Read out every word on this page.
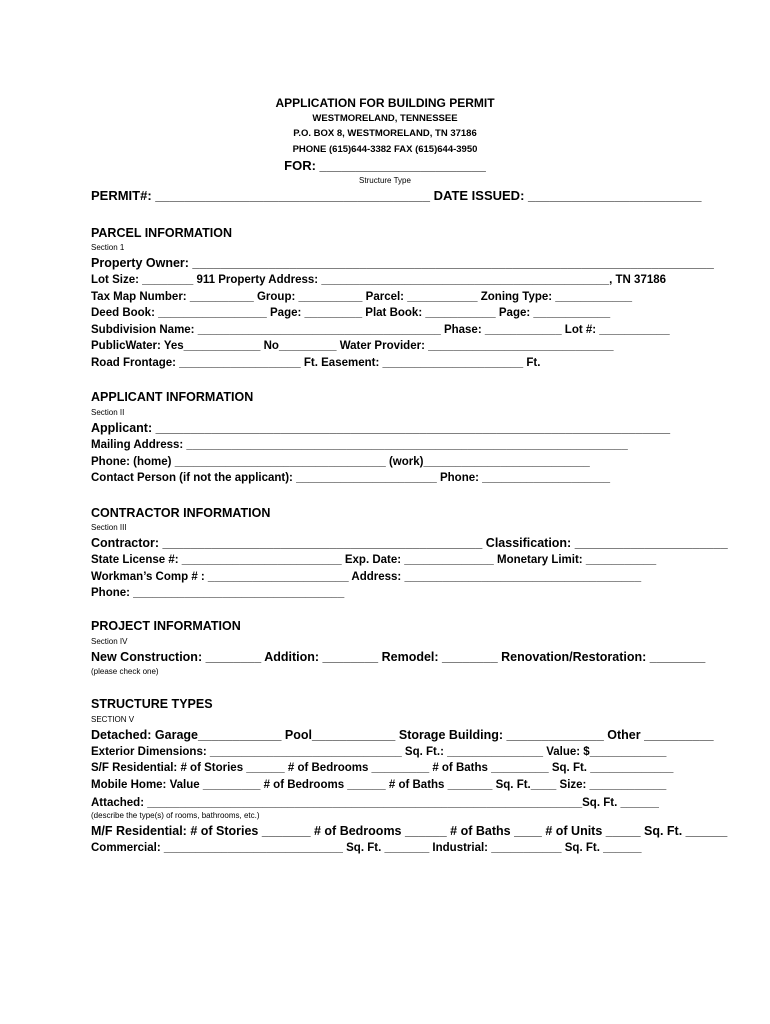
APPLICATION FOR BUILDING PERMIT
WESTMORELAND, TENNESSEE
P.O. BOX 8, WESTMORELAND, TN 37186
PHONE (615)644-3382 FAX (615)644-3950
FOR: _______________________
Structure Type
PERMIT#: ______________________________________ DATE ISSUED: ________________________
PARCEL INFORMATION
Section 1
Property Owner: ___________________________________________________________________________
Lot Size: ________ 911 Property Address: _____________________________________________, TN 37186
Tax Map Number: __________ Group: __________ Parcel: ___________ Zoning Type: ____________
Deed Book: _________________ Page: _________ Plat Book: ___________ Page: ____________
Subdivision Name: ______________________________________ Phase: ____________ Lot #: ___________
PublicWater: Yes____________ No_________ Water Provider: _____________________________
Road Frontage: ___________________ Ft. Easement: ______________________ Ft.
APPLICANT INFORMATION
Section II
Applicant: __________________________________________________________________________
Mailing Address: _____________________________________________________________________
Phone: (home) _________________________________ (work)__________________________
Contact Person (if not the applicant): ______________________ Phone: ____________________
CONTRACTOR INFORMATION
Section III
Contractor: ______________________________________________ Classification: ______________________
State License #: _________________________ Exp. Date: ______________ Monetary Limit: ___________
Workman’s Comp # : ______________________ Address: _____________________________________
Phone: _________________________________
PROJECT INFORMATION
Section IV
New Construction: ________ Addition: ________ Remodel: ________ Renovation/Restoration: ________
(please check one)
STRUCTURE TYPES
SECTION V
Detached: Garage____________ Pool____________ Storage Building: ______________ Other __________
Exterior Dimensions: ______________________________ Sq. Ft.: _______________ Value: $____________
S/F Residential: # of Stories ______ # of Bedrooms _________ # of Baths _________ Sq. Ft. _____________
Mobile Home: Value _________ # of Bedrooms ______ # of Baths _______ Sq. Ft.____ Size: ____________
Attached: ____________________________________________________________________Sq. Ft. ______
(describe the type(s) of rooms, bathrooms, etc.)
M/F Residential: # of Stories _______ # of Bedrooms ______ # of Baths ____ # of Units _____ Sq. Ft. ______
Commercial: ____________________________ Sq. Ft. _______ Industrial: ___________ Sq. Ft. ______
